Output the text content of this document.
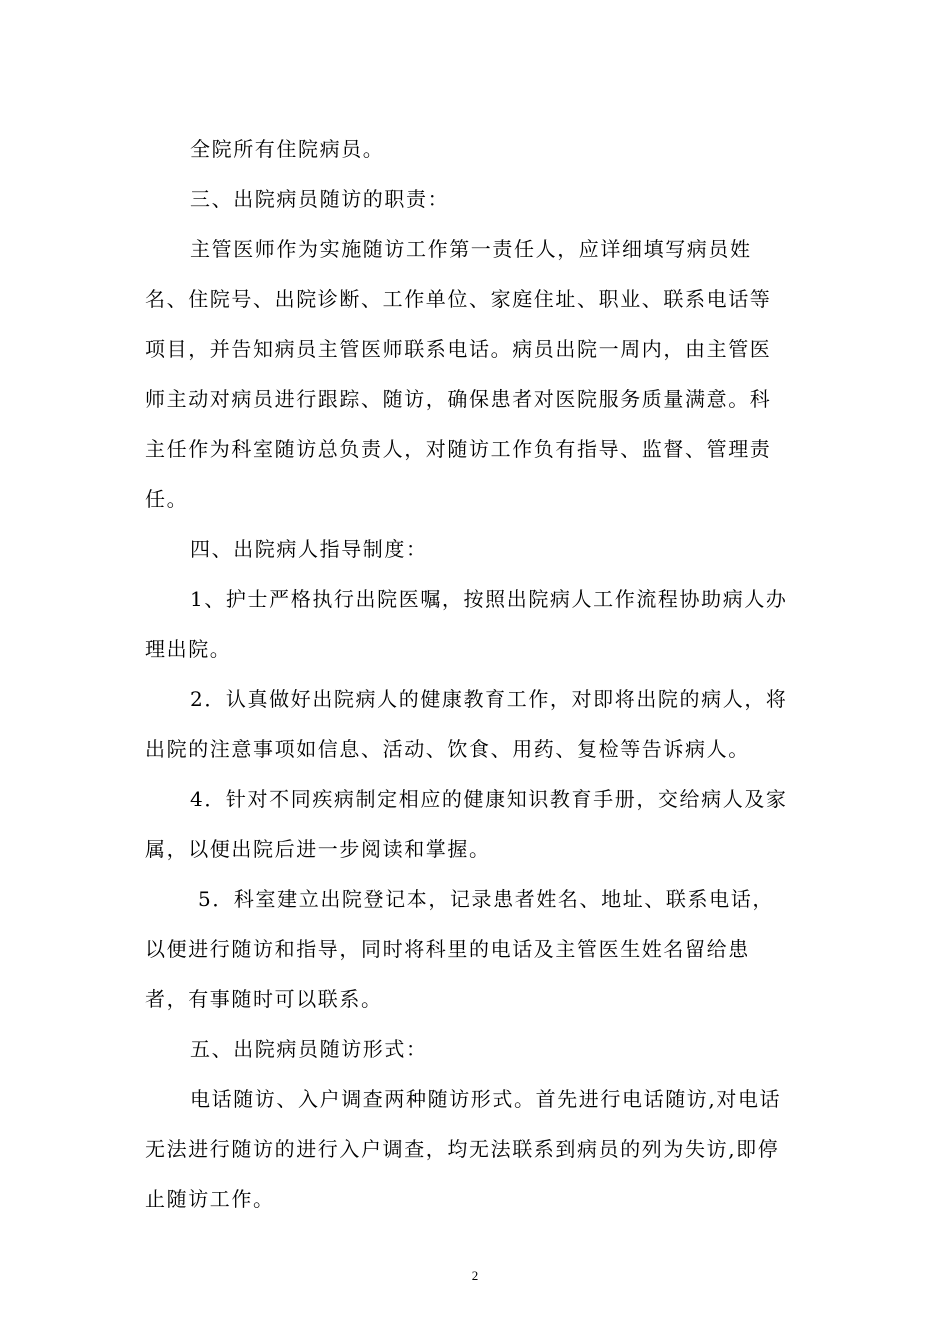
全院所有住院病员。
三、出院病员随访的职责：
主管医师作为实施随访工作第一责任人，应详细填写病员姓
名、住院号、出院诊断、工作单位、家庭住址、职业、联系电话等
项目，并告知病员主管医师联系电话。病员出院一周内，由主管医
师主动对病员进行跟踪、随访，确保患者对医院服务质量满意。科
主任作为科室随访总负责人，对随访工作负有指导、监督、管理责
任。
四、出院病人指导制度：
1、护士严格执行出院医嘱，按照出院病人工作流程协助病人办
理出院。
2．认真做好出院病人的健康教育工作，对即将出院的病人，将
出院的注意事项如信息、活动、饮食、用药、复检等告诉病人。
4．针对不同疾病制定相应的健康知识教育手册，交给病人及家
属，以便出院后进一步阅读和掌握。
5．科室建立出院登记本，记录患者姓名、地址、联系电话，
以便进行随访和指导，同时将科里的电话及主管医生姓名留给患
者，有事随时可以联系。
五、出院病员随访形式：
电话随访、入户调查两种随访形式。首先进行电话随访,对电话
无法进行随访的进行入户调查，均无法联系到病员的列为失访,即停
止随访工作。
2
